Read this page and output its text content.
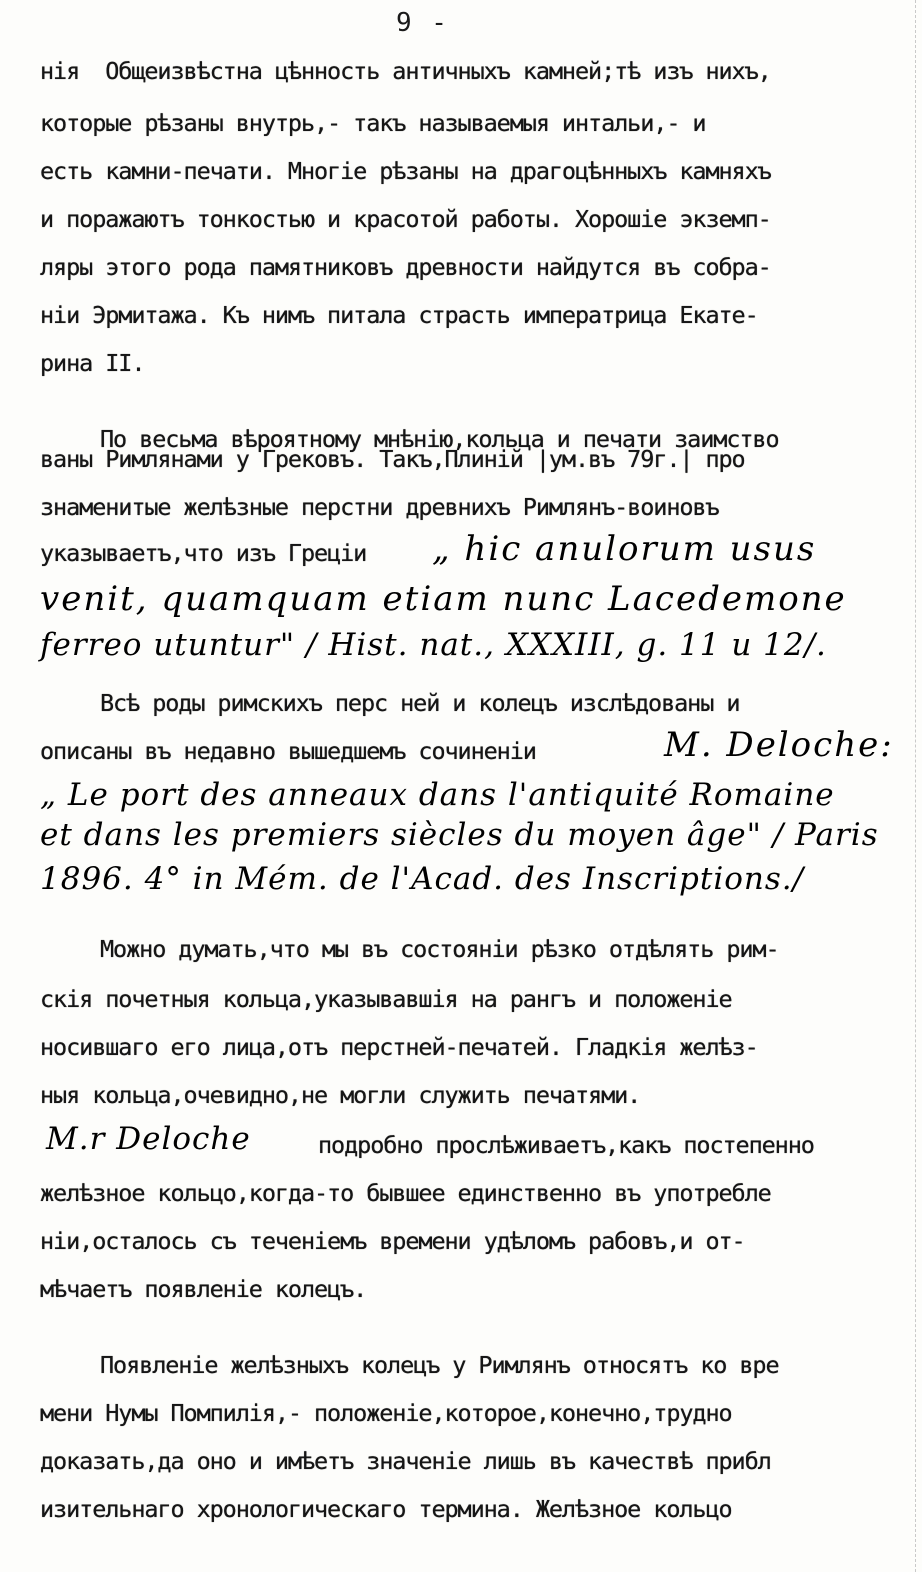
9 -
нія  Общеизвѣстна цѣнность античныхъ камней;тѣ изъ нихъ,
которые рѣзаны внутрь,- такъ называемыя интальи,- и
есть камни-печати. Многіе рѣзаны на драгоцѣнныхъ камняхъ
и поражаютъ тонкостью и красотой работы. Хорошіе экземп-
ляры этого рода памятниковъ древности найдутся въ собра-
ніи Эрмитажа. Къ нимъ питала страсть императрица Екате-
рина II.
По весьма вѣроятному мнѣнію,кольца и печати заимство
ваны Римлянами у Грековъ. Такъ,Плиній |ум.въ 79г.| про
знаменитые желѣзные перстни древнихъ Римлянъ-воиновъ
указываетъ,что изъ Греціи „ hic anulorum usus
venit, quamquam etiam nunc Lacedemone
ferreo utuntur" / Hist. nat., XXXIII, g. 11 u 12/.
Всѣ роды римскихъ перс ней и колецъ изслѣдованы и
описаны въ недавно вышедшемъ сочиненіи	M. Deloche:
„ Le port des anneaux dans l'antiquité Romaine
et dans les premiers siècles du moyen âge" / Paris
1896. 4° in Mém. de l'Acad. des Inscriptions./
Можно думать,что мы въ состояніи рѣзко отдѣлять рим-
скія почетныя кольца,указывавшія на рангъ и положеніе
носившаго его лица,отъ перстней-печатей. Гладкія желѣз-
ныя кольца,очевидно,не могли служить печатями.
M.r Deloche	подробно прослѣживаетъ,какъ постепенно
желѣзное кольцо,когда-то бывшее единственно въ употребле
ніи,осталось съ теченіемъ времени удѣломъ рабовъ,и от-
мѣчаетъ появленіе колецъ.
Появленіе желѣзныхъ колецъ у Римлянъ относятъ ко вре
мени Нумы Помпилія,- положеніе,которое,конечно,трудно
доказать,да оно и имѣетъ значеніе лишь въ качествѣ прибл
изительнаго хронологическаго термина. Желѣзное кольцо
